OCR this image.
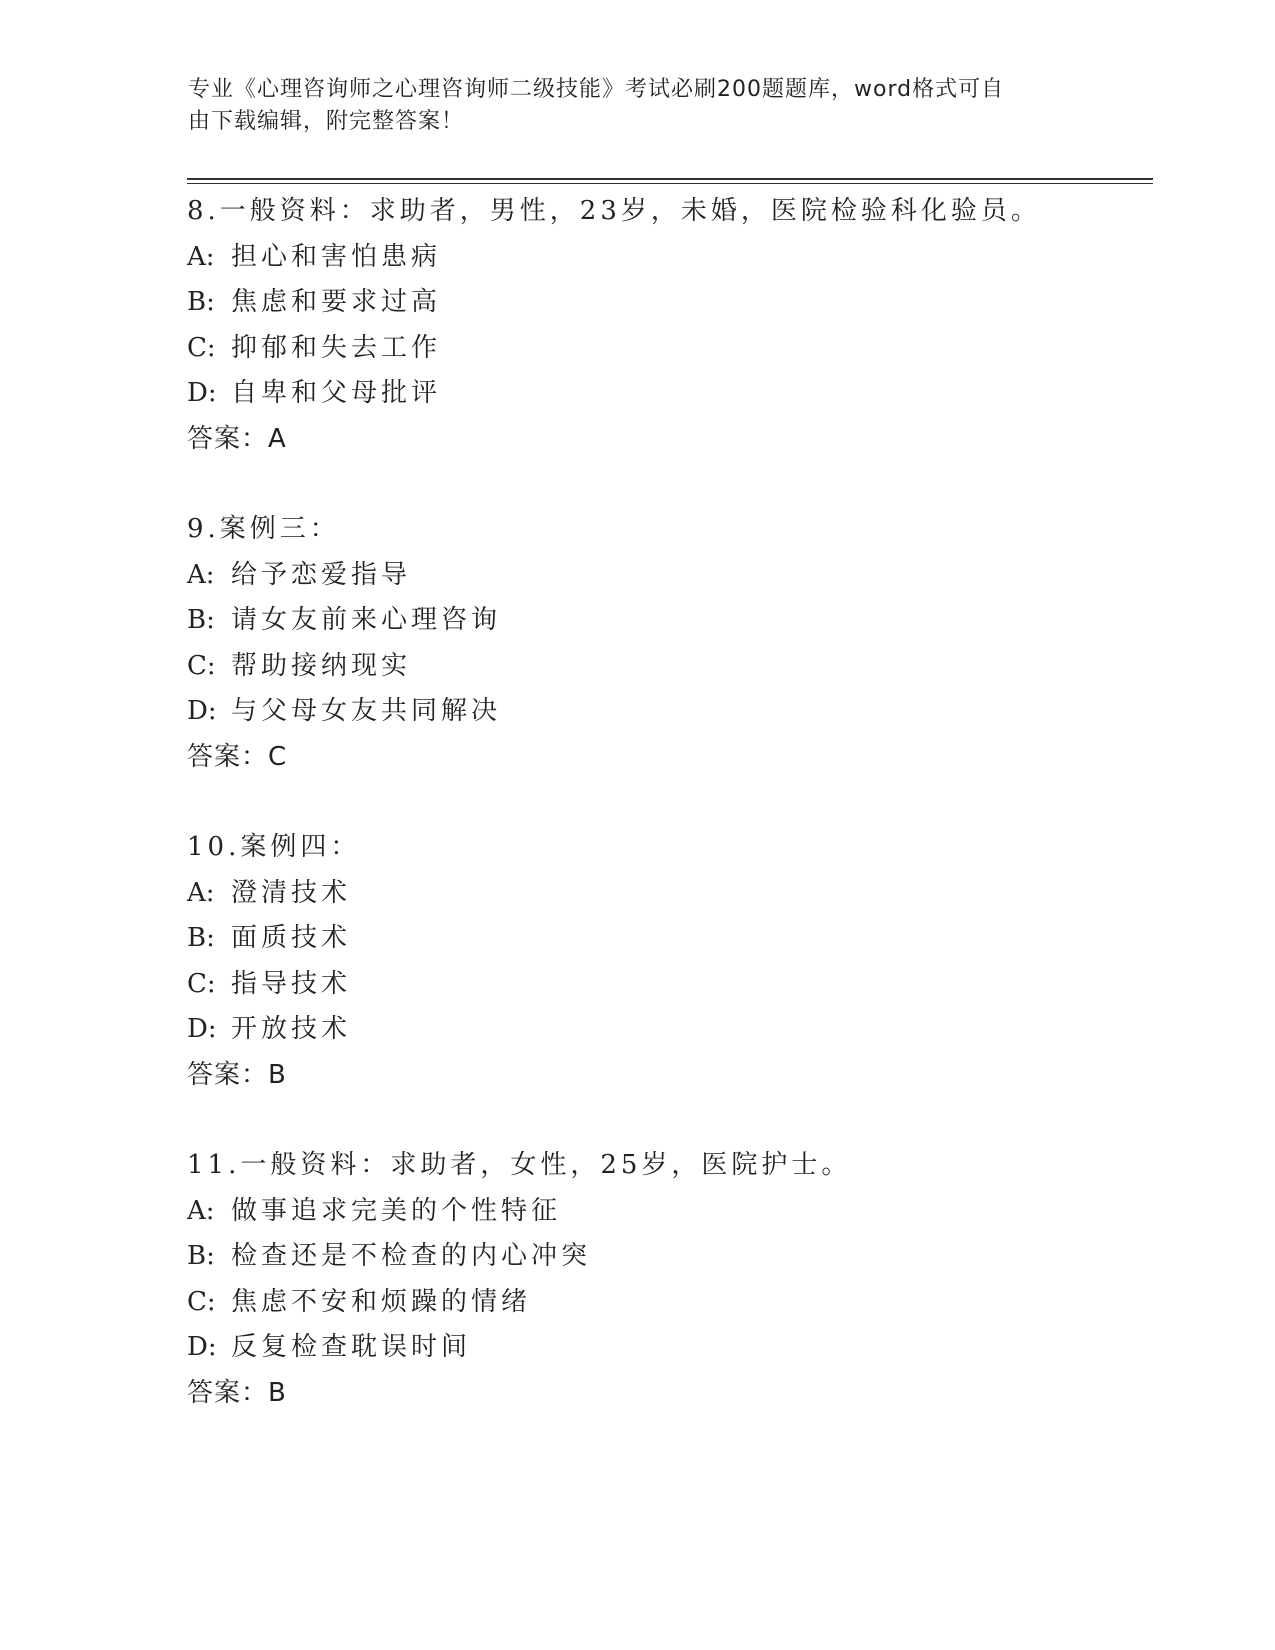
专业《心理咨询师之心理咨询师二级技能》考试必刷200题题库，word格式可自
由下载编辑，附完整答案！
8.一般资料：求助者，男性，23岁，未婚，医院检验科化验员。
A: 担心和害怕患病
B: 焦虑和要求过高
C: 抑郁和失去工作
D: 自卑和父母批评
答案：A
9.案例三：
A: 给予恋爱指导
B: 请女友前来心理咨询
C: 帮助接纳现实
D: 与父母女友共同解决
答案：C
10.案例四：
A: 澄清技术
B: 面质技术
C: 指导技术
D: 开放技术
答案：B
11.一般资料：求助者，女性，25岁，医院护士。
A: 做事追求完美的个性特征
B: 检查还是不检查的内心冲突
C: 焦虑不安和烦躁的情绪
D: 反复检查耽误时间
答案：B
